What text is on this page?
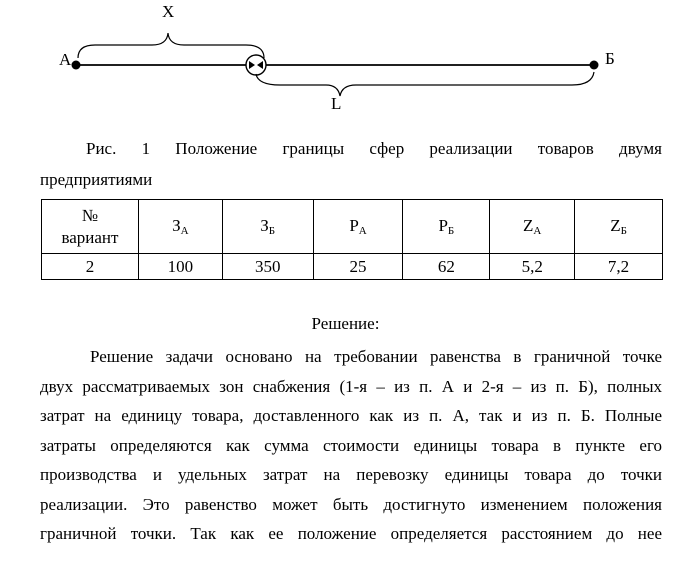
X
L
А	Б
Рис. 1 Положение границы сфер реализации товаров двумя
предприятиями
№
вариант	$З_А$	$З_Б$	$Р_А$	$Р_Б$	$Z_А$	$Z_Б$
2	100	350	25	62	5,2	7,2
Решение:
Решение задачи основано на требовании равенства в граничной точке
двух рассматриваемых зон снабжения (1-я – из п. А и 2-я – из п. Б), полных
затрат на единицу товара, доставленного как из п. А, так и из п. Б. Полные
затраты определяются как сумма стоимости единицы товара в пункте его
производства и удельных затрат на перевозку единицы товара до точки
реализации. Это равенство может быть достигнуто изменением положения
граничной точки. Так как ее положение определяется расстоянием до нее
